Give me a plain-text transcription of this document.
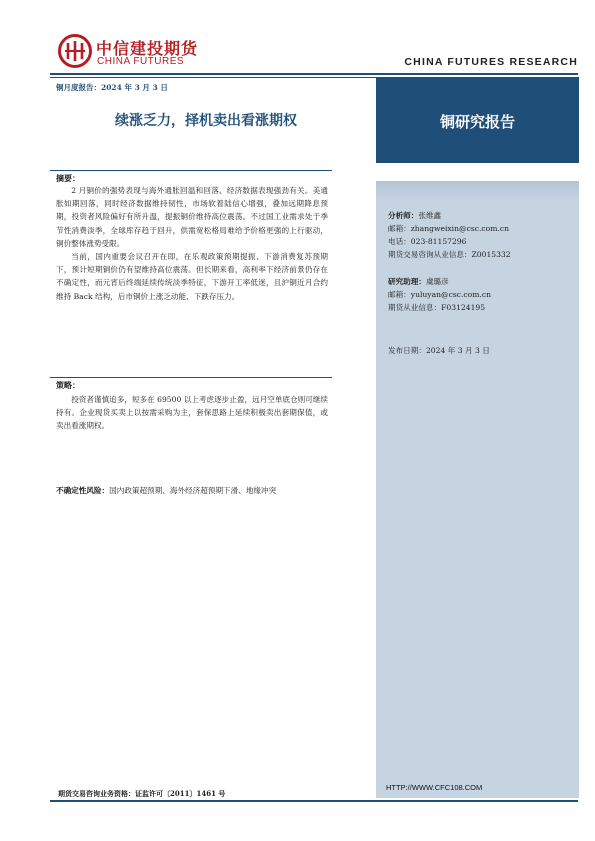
中信建投期货
CHINA FUTURES	CHINA FUTURES RESEARCH
铜月度报告：2024 年 3 月 3 日
续涨乏力，择机卖出看涨期权	铜研究报告
摘要：

2 月铜价的强势表现与海外通胀回温和回落、经济数据表现强劲有关。美通胀如期回落，同时经济数据维持韧性，市场软着陆信心增强，叠加远期降息预期，投资者风险偏好有所升温，提振铜价维持高位震荡。不过国工业需求处于季节性消费淡季，全球库存趋于回升，供需宽松格局难给予价格更强的上行驱动，铜价整体涨势受限。

当前，国内重要会议召开在即，在乐观政策预期提振、下游消费复苏预期下，预计短期铜价仍有望维持高位震荡。但长期来看，高利率下经济前景仍存在不确定性，而元宵后终端延续传统淡季特征，下游开工率低迷，且沪铜近月合约维持 Back 结构，后市铜价上涨乏动能、下跌存压力。

策略：

投资者谨慎追多，短多在 69500 以上考虑逐步止盈，远月空单底仓则可继续持有。企业现货买卖上以按需采购为主，套保思路上延续积极卖出套期保值，或卖出看涨期权。

不确定性风险：国内政策超预期、海外经济超预期下滑、地缘冲突
分析师：张维鑫
邮箱：zhangweixin@csc.com.cn
电话：023-81157296
期货交易咨询从业信息：Z0015332
研究助理：虞璐彦
邮箱：yuluyan@csc.com.cn
期货从业信息：F03124195
发布日期：2024 年 3 月 3 日
HTTP://WWW.CFC108.COM
期货交易咨询业务资格：证监许可〔2011〕1461 号
